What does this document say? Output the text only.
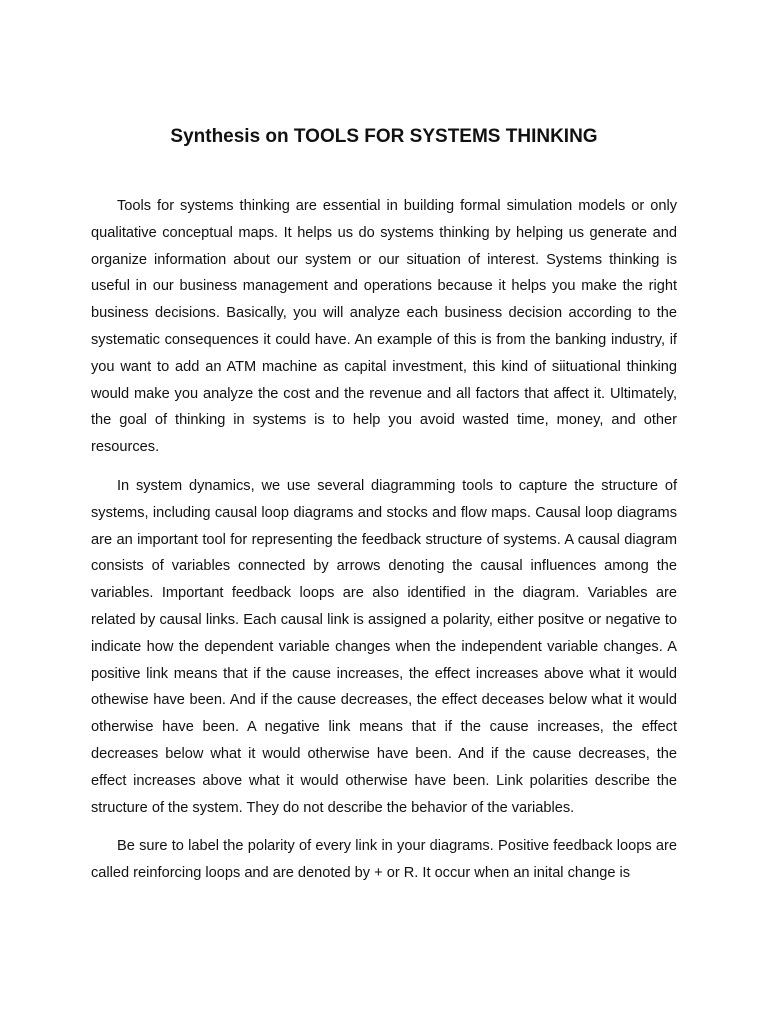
Synthesis on TOOLS FOR SYSTEMS THINKING

Tools for systems thinking are essential in building formal simulation models or only qualitative conceptual maps. It helps us do systems thinking by helping us generate and organize information about our system or our situation of interest. Systems thinking is useful in our business management and operations because it helps you make the right business decisions. Basically, you will analyze each business decision according to the systematic consequences it could have. An example of this is from the banking industry, if you want to add an ATM machine as capital investment, this kind of siituational thinking would make you analyze the cost and the revenue and all factors that affect it. Ultimately, the goal of thinking in systems is to help you avoid wasted time, money, and other resources.

In system dynamics, we use several diagramming tools to capture the structure of systems, including causal loop diagrams and stocks and flow maps. Causal loop diagrams are an important tool for representing the feedback structure of systems. A causal diagram consists of variables connected by arrows denoting the causal influences among the variables. Important feedback loops are also identified in the diagram. Variables are related by causal links. Each causal link is assigned a polarity, either positve or negative to indicate how the dependent variable changes when the independent variable changes. A positive link means that if the cause increases, the effect increases above what it would othewise have been. And if the cause decreases, the effect deceases below what it would otherwise have been. A negative link means that if the cause increases, the effect decreases below what it would otherwise have been. And if the cause decreases, the effect increases above what it would otherwise have been. Link polarities describe the structure of the system. They do not describe the behavior of the variables.

Be sure to label the polarity of every link in your diagrams. Positive feedback loops are called reinforcing loops and are denoted by + or R. It occur when an inital change is
